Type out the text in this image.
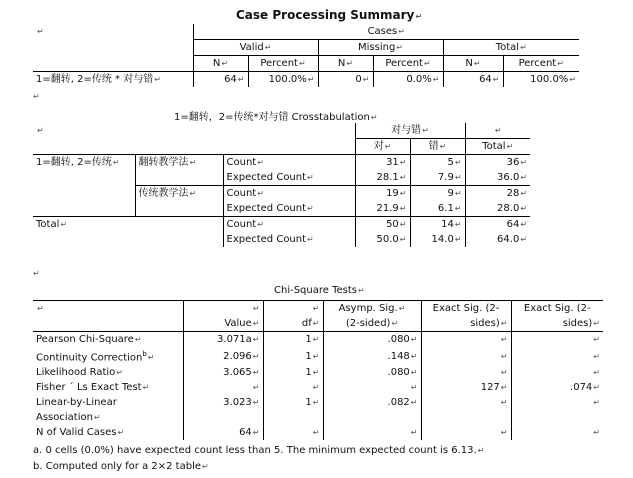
Case Processing Summary↵
↵	Cases↵					
	Valid↵		Missing↵		Total↵	
	N↵	Percent↵	N↵	Percent↵	N↵	Percent↵
1=翻转, 2=传统 * 对与错↵	64↵	100.0%↵	0↵	0.0%↵	64↵	100.0%↵
↵
1=翻转，2=传统*对与错 Crosstabulation↵
↵			对与错↵		↵
			对↵	错↵	Total↵
1=翻转, 2=传统↵	翻转教学法↵	Count↵	31↵	5↵	36↵
		Expected Count↵	28.1↵	7.9↵	36.0↵
	传统教学法↵	Count↵	19↵	9↵	28↵
		Expected Count↵	21.9↵	6.1↵	28.0↵
Total↵		Count↵	50↵	14↵	64↵
		Expected Count↵	50.0↵	14.0↵	64.0↵
↵
Chi-Square Tests↵
↵	↵	↵	Asymp. Sig.↵	Exact Sig. (2-	Exact Sig. (2-
	Value↵	df↵	(2-sided)↵	sides)↵	sides)↵
Pearson Chi-Square↵	3.071a↵	1↵	.080↵	↵	↵
Continuity Correction$^b$↵	2.096↵	1↵	.148↵	↵	↵
Likelihood Ratio↵	3.065↵	1↵	.080↵	↵	↵
Fisher ´ Ls Exact Test↵	↵	↵	↵	127↵	.074↵
Linear-by-Linear	3.023↵	1↵	.082↵	↵	↵
Association↵					
N of Valid Cases↵	64↵	↵	↵	↵	↵
a. 0 cells (0.0%) have expected count less than 5. The minimum expected count is 6.13.↵
b. Computed only for a 2×2 table↵
